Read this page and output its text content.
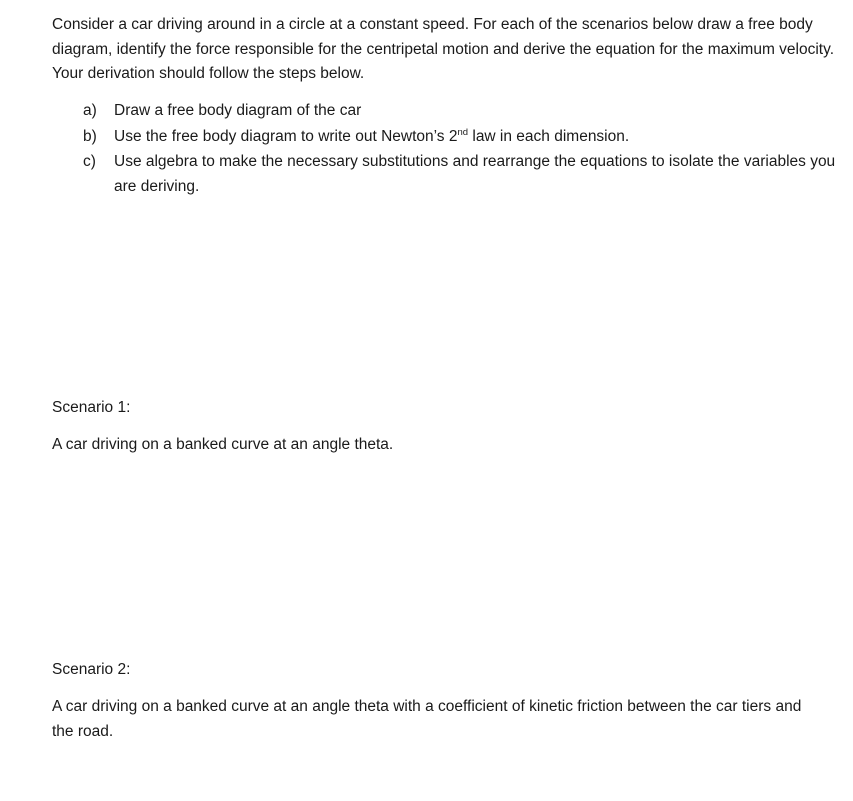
Consider a car driving around in a circle at a constant speed. For each of the scenarios below draw a free body diagram, identify the force responsible for the centripetal motion and derive the equation for the maximum velocity. Your derivation should follow the steps below.

a) Draw a free body diagram of the car
b) Use the free body diagram to write out Newton’s 2nd law in each dimension.
c) Use algebra to make the necessary substitutions and rearrange the equations to isolate the variables you are deriving.

Scenario 1:

A car driving on a banked curve at an angle theta.

Scenario 2:

A car driving on a banked curve at an angle theta with a coefficient of kinetic friction between the car tiers and the road.
